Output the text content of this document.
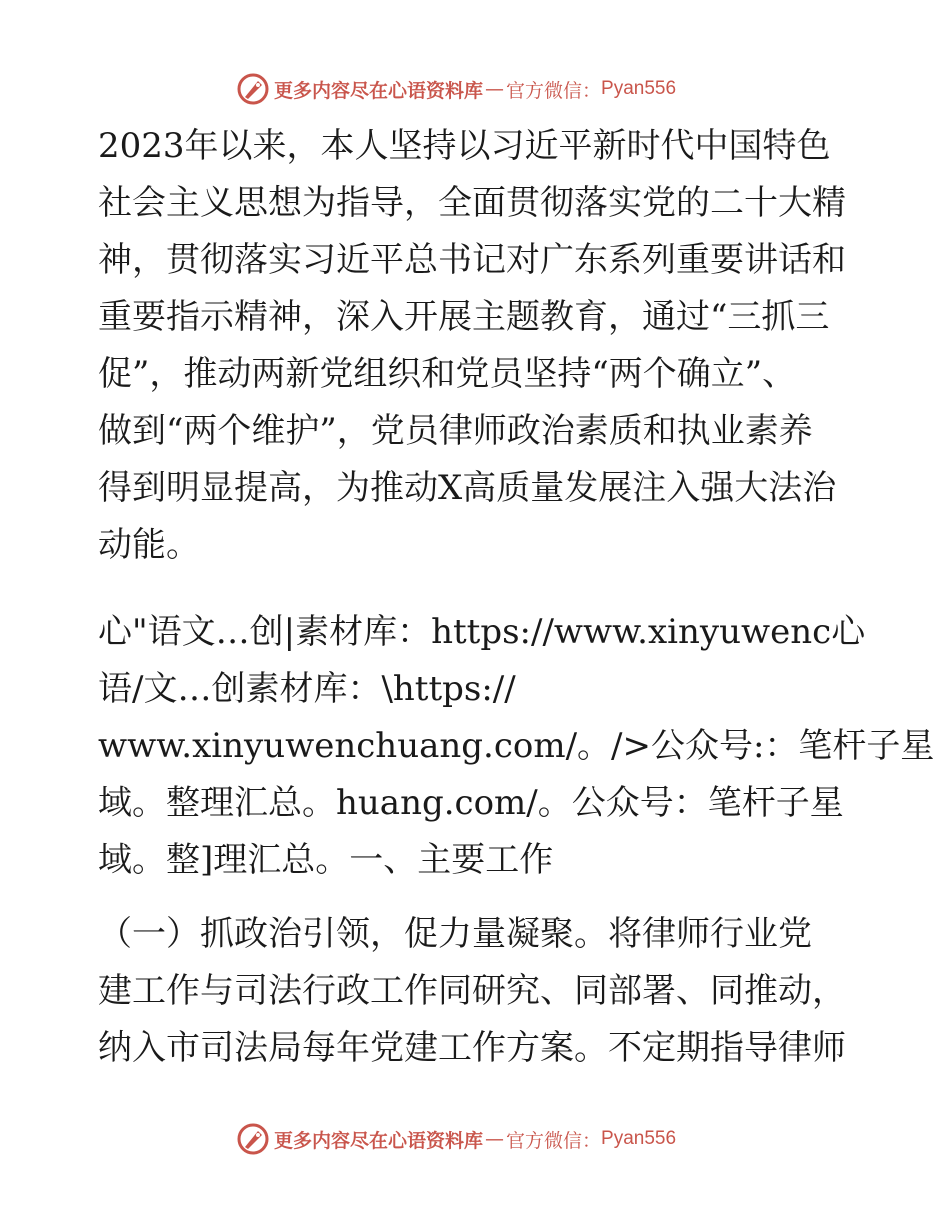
更多内容尽在心语资料库 — 官方微信： Pyan556

2023年以来，本人坚持以习近平新时代中国特色

社会主义思想为指导，全面贯彻落实党的二十大精

神，贯彻落实习近平总书记对广东系列重要讲话和

重要指示精神，深入开展主题教育，通过“三抓三

促”，推动两新党组织和党员坚持“两个确立”、

做到“两个维护”，党员律师政治素质和执业素养

得到明显提高，为推动X高质量发展注入强大法治

动能。

心"语文…创|素材库：https://www.xinyuwenc心

语/文…创素材库：\https://

www.xinyuwenchuang.com/。/>公众号:：笔杆子星

域。整理汇总。huang.com/。公众号：笔杆子星

域。整]理汇总。一、主要工作

（一）抓政治引领，促力量凝聚。将律师行业党

建工作与司法行政工作同研究、同部署、同推动，

纳入市司法局每年党建工作方案。不定期指导律师

更多内容尽在心语资料库 — 官方微信： Pyan556
